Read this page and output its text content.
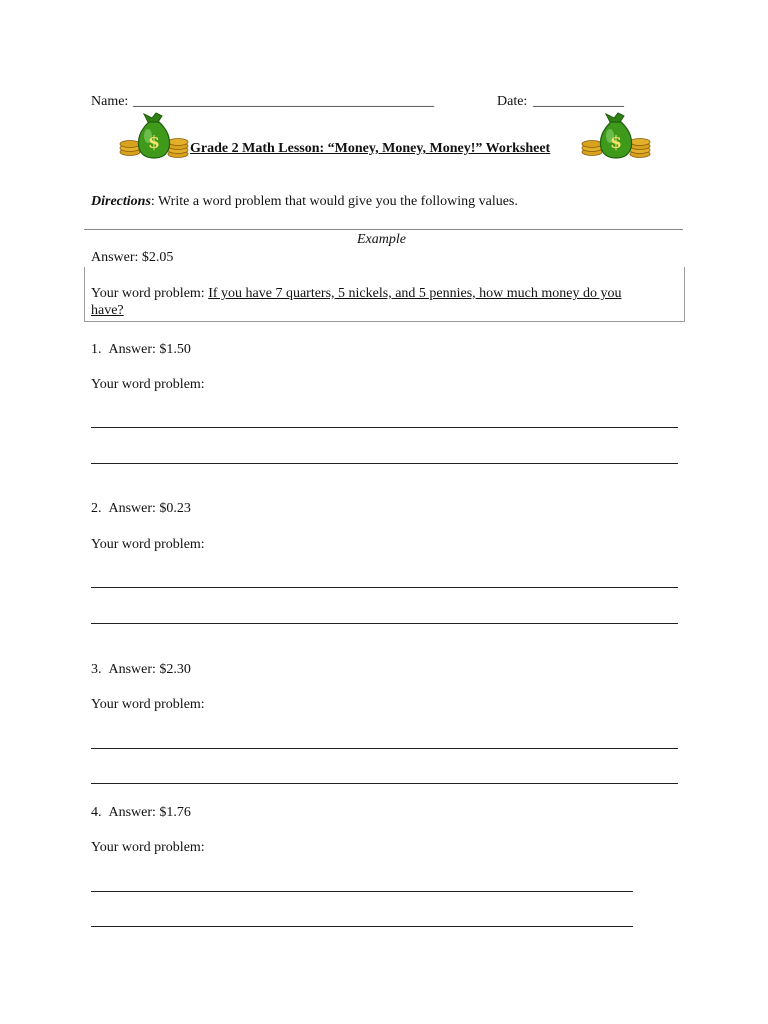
Name: ___________________________________________	Date: _____________
$ Grade 2 Math Lesson: “Money, Money, Money!” Worksheet	$
Directions: Write a word problem that would give you the following values.
Example
Answer: $2.05
Your word problem: If you have 7 quarters, 5 nickels, and 5 pennies, how much money do you
have?
1. Answer: $1.50
Your word problem:
2. Answer: $0.23
Your word problem:
3. Answer: $2.30
Your word problem:
4. Answer: $1.76
Your word problem:
